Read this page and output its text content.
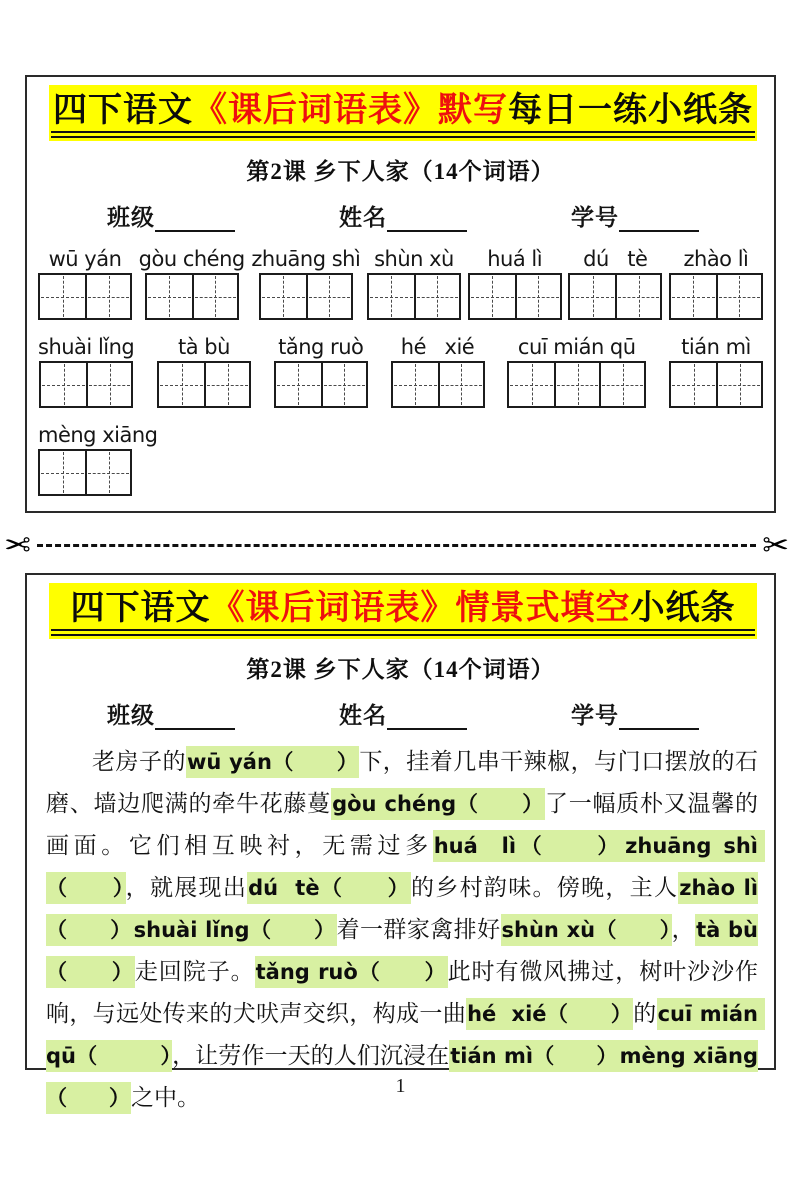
四下语文《课后词语表》默写每日一练小纸条
第2课 乡下人家（14个词语）
班级	姓名	学号
wū yán gòu chéng zhuāng shì shùn xù huá lì dú   tè zhào lì
shuài lǐng tà bù tǎng ruò hé   xié cuī mián qū tián mì
mèng xiāng
✂	✂
四下语文《课后词语表》情景式填空小纸条
第2课 乡下人家（14个词语）
班级	姓名	学号
老房子的wū yán（　　）下，挂着几串干辣椒，与门口摆放的石磨、墙边爬满的牵牛花藤蔓gòu chéng（　　）了一幅质朴又温馨的画面。它们相互映衬，无需过多huá  lì（　　）zhuāng shì （　　），就展现出dú  tè（　　）的乡村韵味。傍晚，主人zhào lì（　　）shuài lǐng（　　）着一群家禽排好shùn xù（　　），tà bù（　　）走回院子。tǎng ruò（　　）此时有微风拂过，树叶沙沙作响，与远处传来的犬吠声交织，构成一曲hé  xié（　　）的cuī mián qū（　　　），让劳作一天的人们沉浸在tián mì（　　）mèng xiāng（　　）之中。	1
